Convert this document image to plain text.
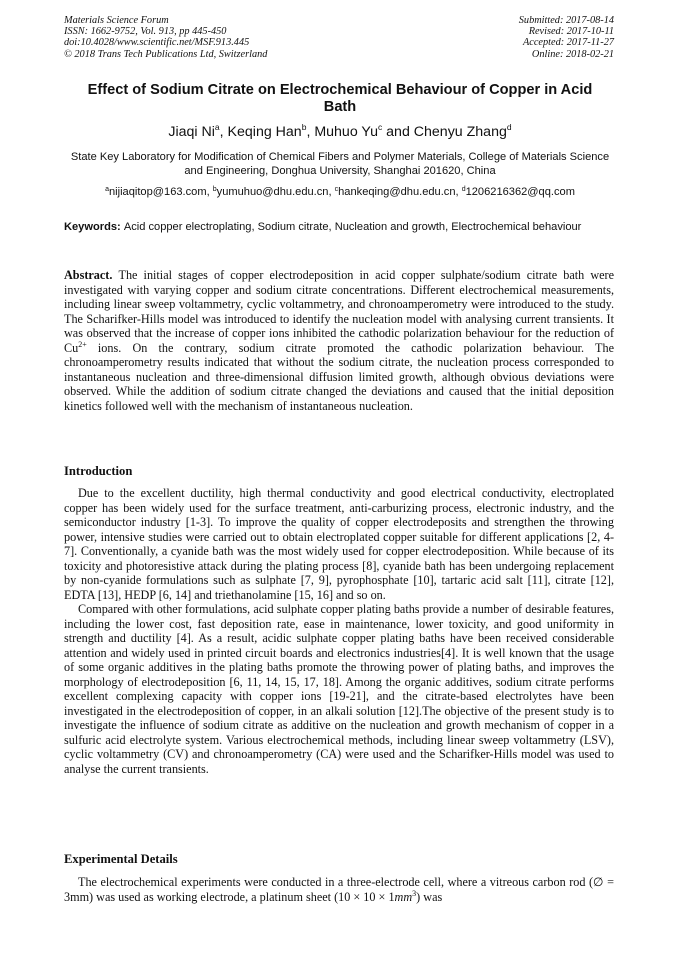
Materials Science Forum
ISSN: 1662-9752, Vol. 913, pp 445-450
doi:10.4028/www.scientific.net/MSF.913.445
© 2018 Trans Tech Publications Ltd, Switzerland
Submitted: 2017-08-14
Revised: 2017-10-11
Accepted: 2017-11-27
Online: 2018-02-21
Effect of Sodium Citrate on Electrochemical Behaviour of Copper in Acid Bath
Jiaqi Ni$^a$, Keqing Han$^b$, Muhuo Yu$^c$ and Chenyu Zhang$^d$
State Key Laboratory for Modification of Chemical Fibers and Polymer Materials, College of Materials Science and Engineering, Donghua University, Shanghai 201620, China
$^a$nijiaqitop@163.com, $^b$yumuhuo@dhu.edu.cn, $^c$hankeqing@dhu.edu.cn, $^d$1206216362@qq.com
Keywords: Acid copper electroplating, Sodium citrate, Nucleation and growth, Electrochemical behaviour

Abstract. The initial stages of copper electrodeposition in acid copper sulphate/sodium citrate bath were investigated with varying copper and sodium citrate concentrations. Different electrochemical measurements, including linear sweep voltammetry, cyclic voltammetry, and chronoamperometry were introduced to the study. The Scharifker-Hills model was introduced to identify the nucleation model with analysing current transients. It was observed that the increase of copper ions inhibited the cathodic polarization behaviour for the reduction of $Cu^{2+}$ ions. On the contrary, sodium citrate promoted the cathodic polarization behaviour. The chronoamperometry results indicated that without the sodium citrate, the nucleation process corresponded to instantaneous nucleation and three-dimensional diffusion limited growth, although obvious deviations were observed. While the addition of sodium citrate changed the deviations and caused that the initial deposition kinetics followed well with the mechanism of instantaneous nucleation.

Introduction

Due to the excellent ductility, high thermal conductivity and good electrical conductivity, electroplated copper has been widely used for the surface treatment, anti-carburizing process, electronic industry, and the semiconductor industry [1-3]. To improve the quality of copper electrodeposits and strengthen the throwing power, intensive studies were carried out to obtain electroplated copper suitable for different applications [2, 4-7]. Conventionally, a cyanide bath was the most widely used for copper electrodeposition. While because of its toxicity and photoresistive attack during the plating process [8], cyanide bath has been undergoing replacement by non-cyanide formulations such as sulphate [7, 9], pyrophosphate [10], tartaric acid salt [11], citrate [12], EDTA [13], HEDP [6, 14] and triethanolamine [15, 16] and so on.

Compared with other formulations, acid sulphate copper plating baths provide a number of desirable features, including the lower cost, fast deposition rate, ease in maintenance, lower toxicity, and good uniformity in strength and ductility [4]. As a result, acidic sulphate copper plating baths have been received considerable attention and widely used in printed circuit boards and electronics industries[4]. It is well known that the usage of some organic additives in the plating baths promote the throwing power of plating baths, and improves the morphology of electrodeposition [6, 11, 14, 15, 17, 18]. Among the organic additives, sodium citrate performs excellent complexing capacity with copper ions [19-21], and the citrate-based electrolytes have been investigated in the electrodeposition of copper, in an alkali solution [12].The objective of the present study is to investigate the influence of sodium citrate as additive on the nucleation and growth mechanism of copper in a sulfuric acid electrolyte system. Various electrochemical methods, including linear sweep voltammetry (LSV), cyclic voltammetry (CV) and chronoamperometry (CA) were used and the Scharifker-Hills model was used to analyse the current transients.

Experimental Details

The electrochemical experiments were conducted in a three-electrode cell, where a vitreous carbon rod (∅ = 3mm) was used as working electrode, a platinum sheet $(10 \times 10 \times 1mm^3)$ was
